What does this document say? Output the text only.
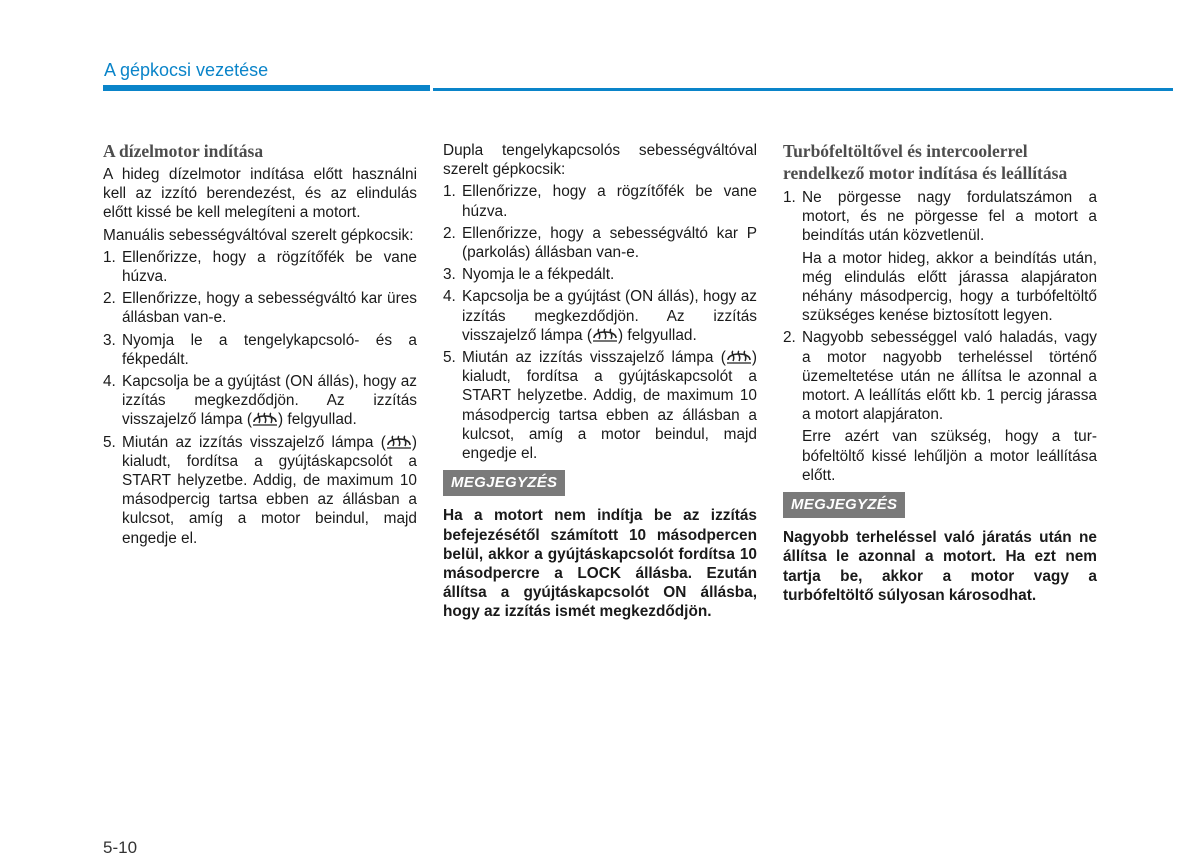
A gépkocsi vezetése
A dízelmotor indítása

A hideg dízelmotor indítása előtt használni kell az izzító berendezést, és az elindulás előtt kissé be kell melegíteni a motort.

Manuális sebességváltóval szerelt gépkocsik:

1. Ellenőrizze, hogy a rögzítőfék be vane húzva.
2. Ellenőrizze, hogy a sebességváltó kar üres állásban van-e.
3. Nyomja le a tengelykapcsoló- és a fékpedált.
4. Kapcsolja be a gyújtást (ON állás), hogy az izzítás megkezdődjön. Az izzítás visszajelző lámpa ( ) felgyullad.
5. Miután az izzítás visszajelző lámpa ( ) kialudt, fordítsa a gyújtáskapcsolót a START helyzetbe. Addig, de maximum 10 másodpercig tartsa ebben az állásban a kulcsot, amíg a motor beindul, majd engedje el.

Dupla tengelykapcsolós sebességváltóval szerelt gépkocsik:

1. Ellenőrizze, hogy a rögzítőfék be vane húzva.
2. Ellenőrizze, hogy a sebességváltó kar P (parkolás) állásban van-e.
3. Nyomja le a fékpedált.
4. Kapcsolja be a gyújtást (ON állás), hogy az izzítás megkezdődjön. Az izzítás visszajelző lámpa ( ) felgyullad.
5. Miután az izzítás visszajelző lámpa ( ) kialudt, fordítsa a gyújtáskapcsolót a START helyzetbe. Addig, de maximum 10 másodpercig tartsa ebben az állásban a kulcsot, amíg a motor beindul, majd engedje el.
MEGJEGYZÉS

Ha a motort nem indítja be az izzítás befejezésétől számított 10 másodpercen belül, akkor a gyújtáskapcsolót fordítsa 10 másodpercre a LOCK állásba. Ezután állítsa a gyújtáskapcsolót ON állásba, hogy az izzítás ismét megkezdődjön.

Turbófeltöltővel és intercoolerrel rendelkező motor indítása és leállítása
1. Ne pörgesse nagy fordulatszámon a motort, és ne pörgesse fel a motort a beindítás után közvetlenül.
Ha a motor hideg, akkor a beindítás után, még elindulás előtt járassa alapjáraton néhány másodpercig, hogy a turbófeltöltő szükséges kenése biztosított legyen.
2. Nagyobb sebességgel való haladás, vagy a motor nagyobb terheléssel történő üzemeltetése után ne állítsa le azonnal a motort. A leállítás előtt kb. 1 percig járassa a motort alapjáraton.
Erre azért van szükség, hogy a turbófeltöltő kissé lehűljön a motor leállítása előtt.
MEGJEGYZÉS

Nagyobb terheléssel való járatás után ne állítsa le azonnal a motort. Ha ezt nem tartja be, akkor a motor vagy a turbófeltöltő súlyosan károsodhat.

5-10
